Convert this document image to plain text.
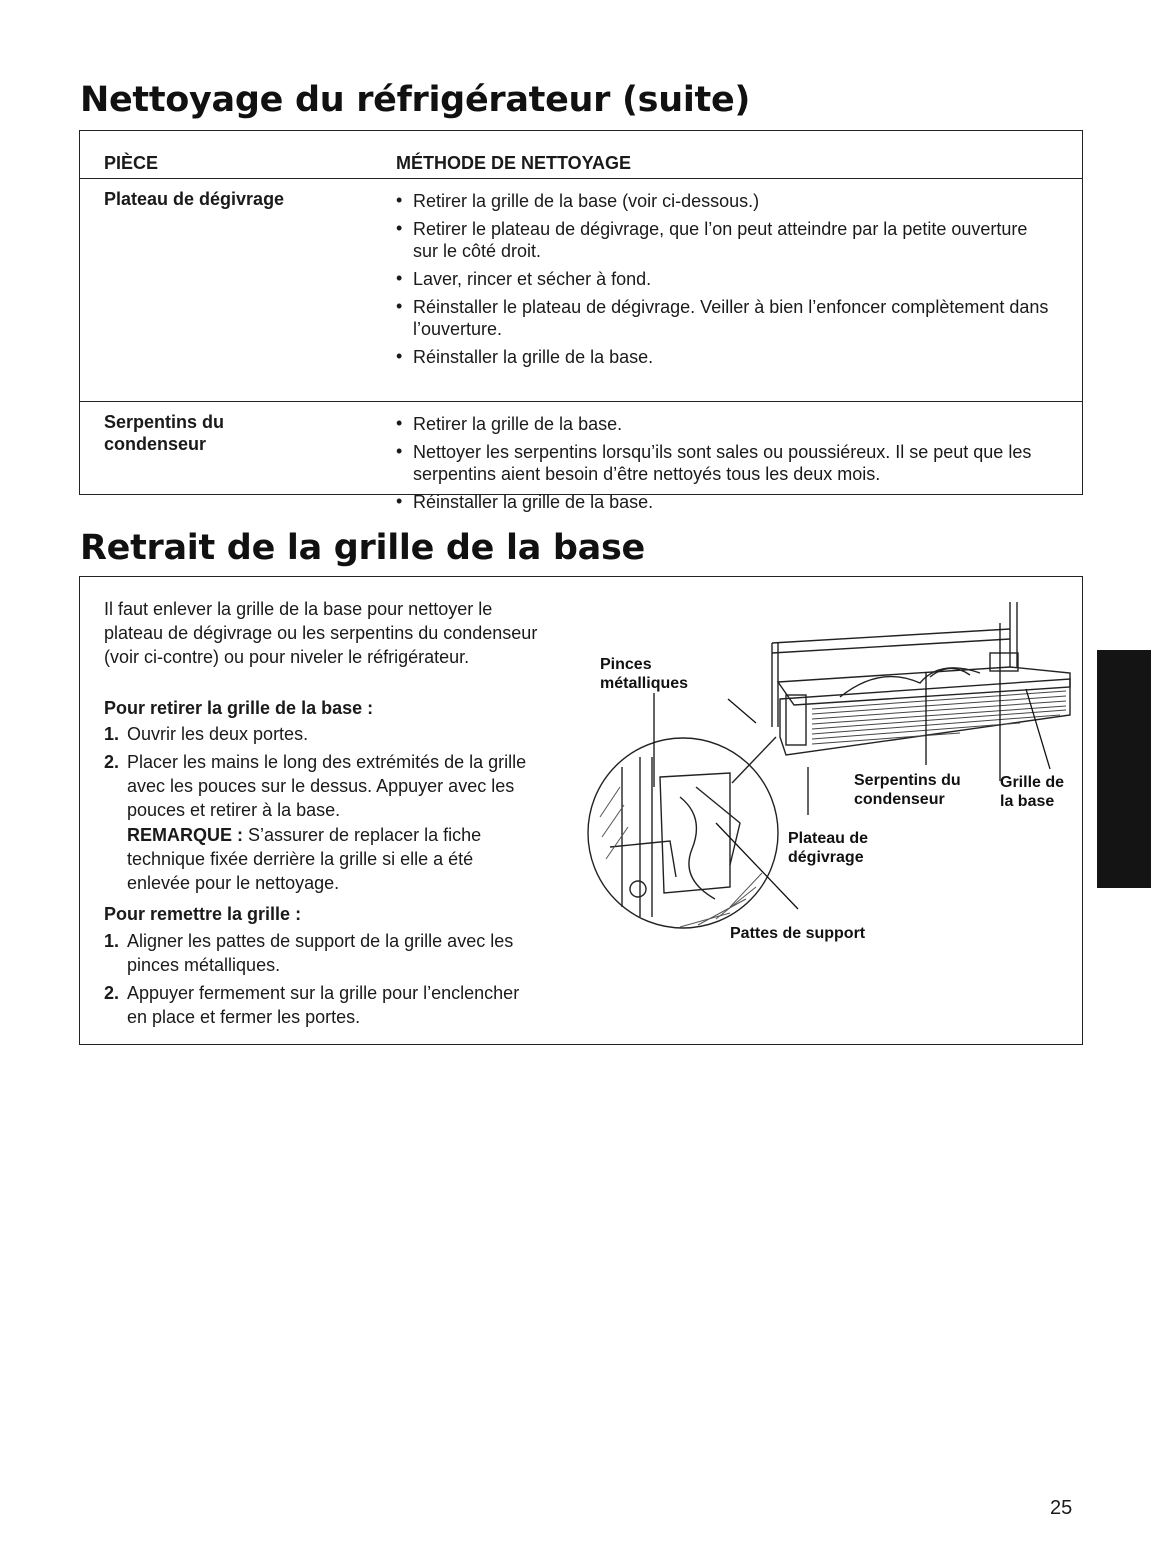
Nettoyage du réfrigérateur (suite)
PIÈCE	MÉTHODE DE NETTOYAGE
Plateau de dégivrage
•	Retirer la grille de la base (voir ci-dessous.)
• Retirer le plateau de dégivrage, que l’on peut atteindre par la petite ouverture sur le côté droit.
• Laver, rincer et sécher à fond.
• Réinstaller le plateau de dégivrage. Veiller à bien l’enfoncer complètement dans l’ouverture.
• Réinstaller la grille de la base.
Serpentins du condenseur
• Retirer la grille de la base.
• Nettoyer les serpentins lorsqu’ils sont sales ou poussiéreux. Il se peut que les serpentins aient besoin d’être nettoyés tous les deux mois.
• Réinstaller la grille de la base.
Retrait de la grille de la base

Il faut enlever la grille de la base pour nettoyer le plateau de dégivrage ou les serpentins du condenseur (voir ci-contre) ou pour niveler le réfrigérateur.

Pour retirer la grille de la base :

1. Ouvrir les deux portes.
2. Placer les mains le long des extrémités de la grille avec les pouces sur le dessus. Appuyer avec les pouces et retirer à la base.

REMARQUE : S’assurer de replacer la fiche technique fixée derrière la grille si elle a été enlevée pour le nettoyage.

Pour remettre la grille :

1. Aligner les pattes de support de la grille avec les pinces métalliques.
2. Appuyer fermement sur la grille pour l’enclencher en place et fermer les portes.
Pinces métalliques
Serpentins du condenseur
Grille de la base
Plateau de dégivrage
Pattes de support
25
